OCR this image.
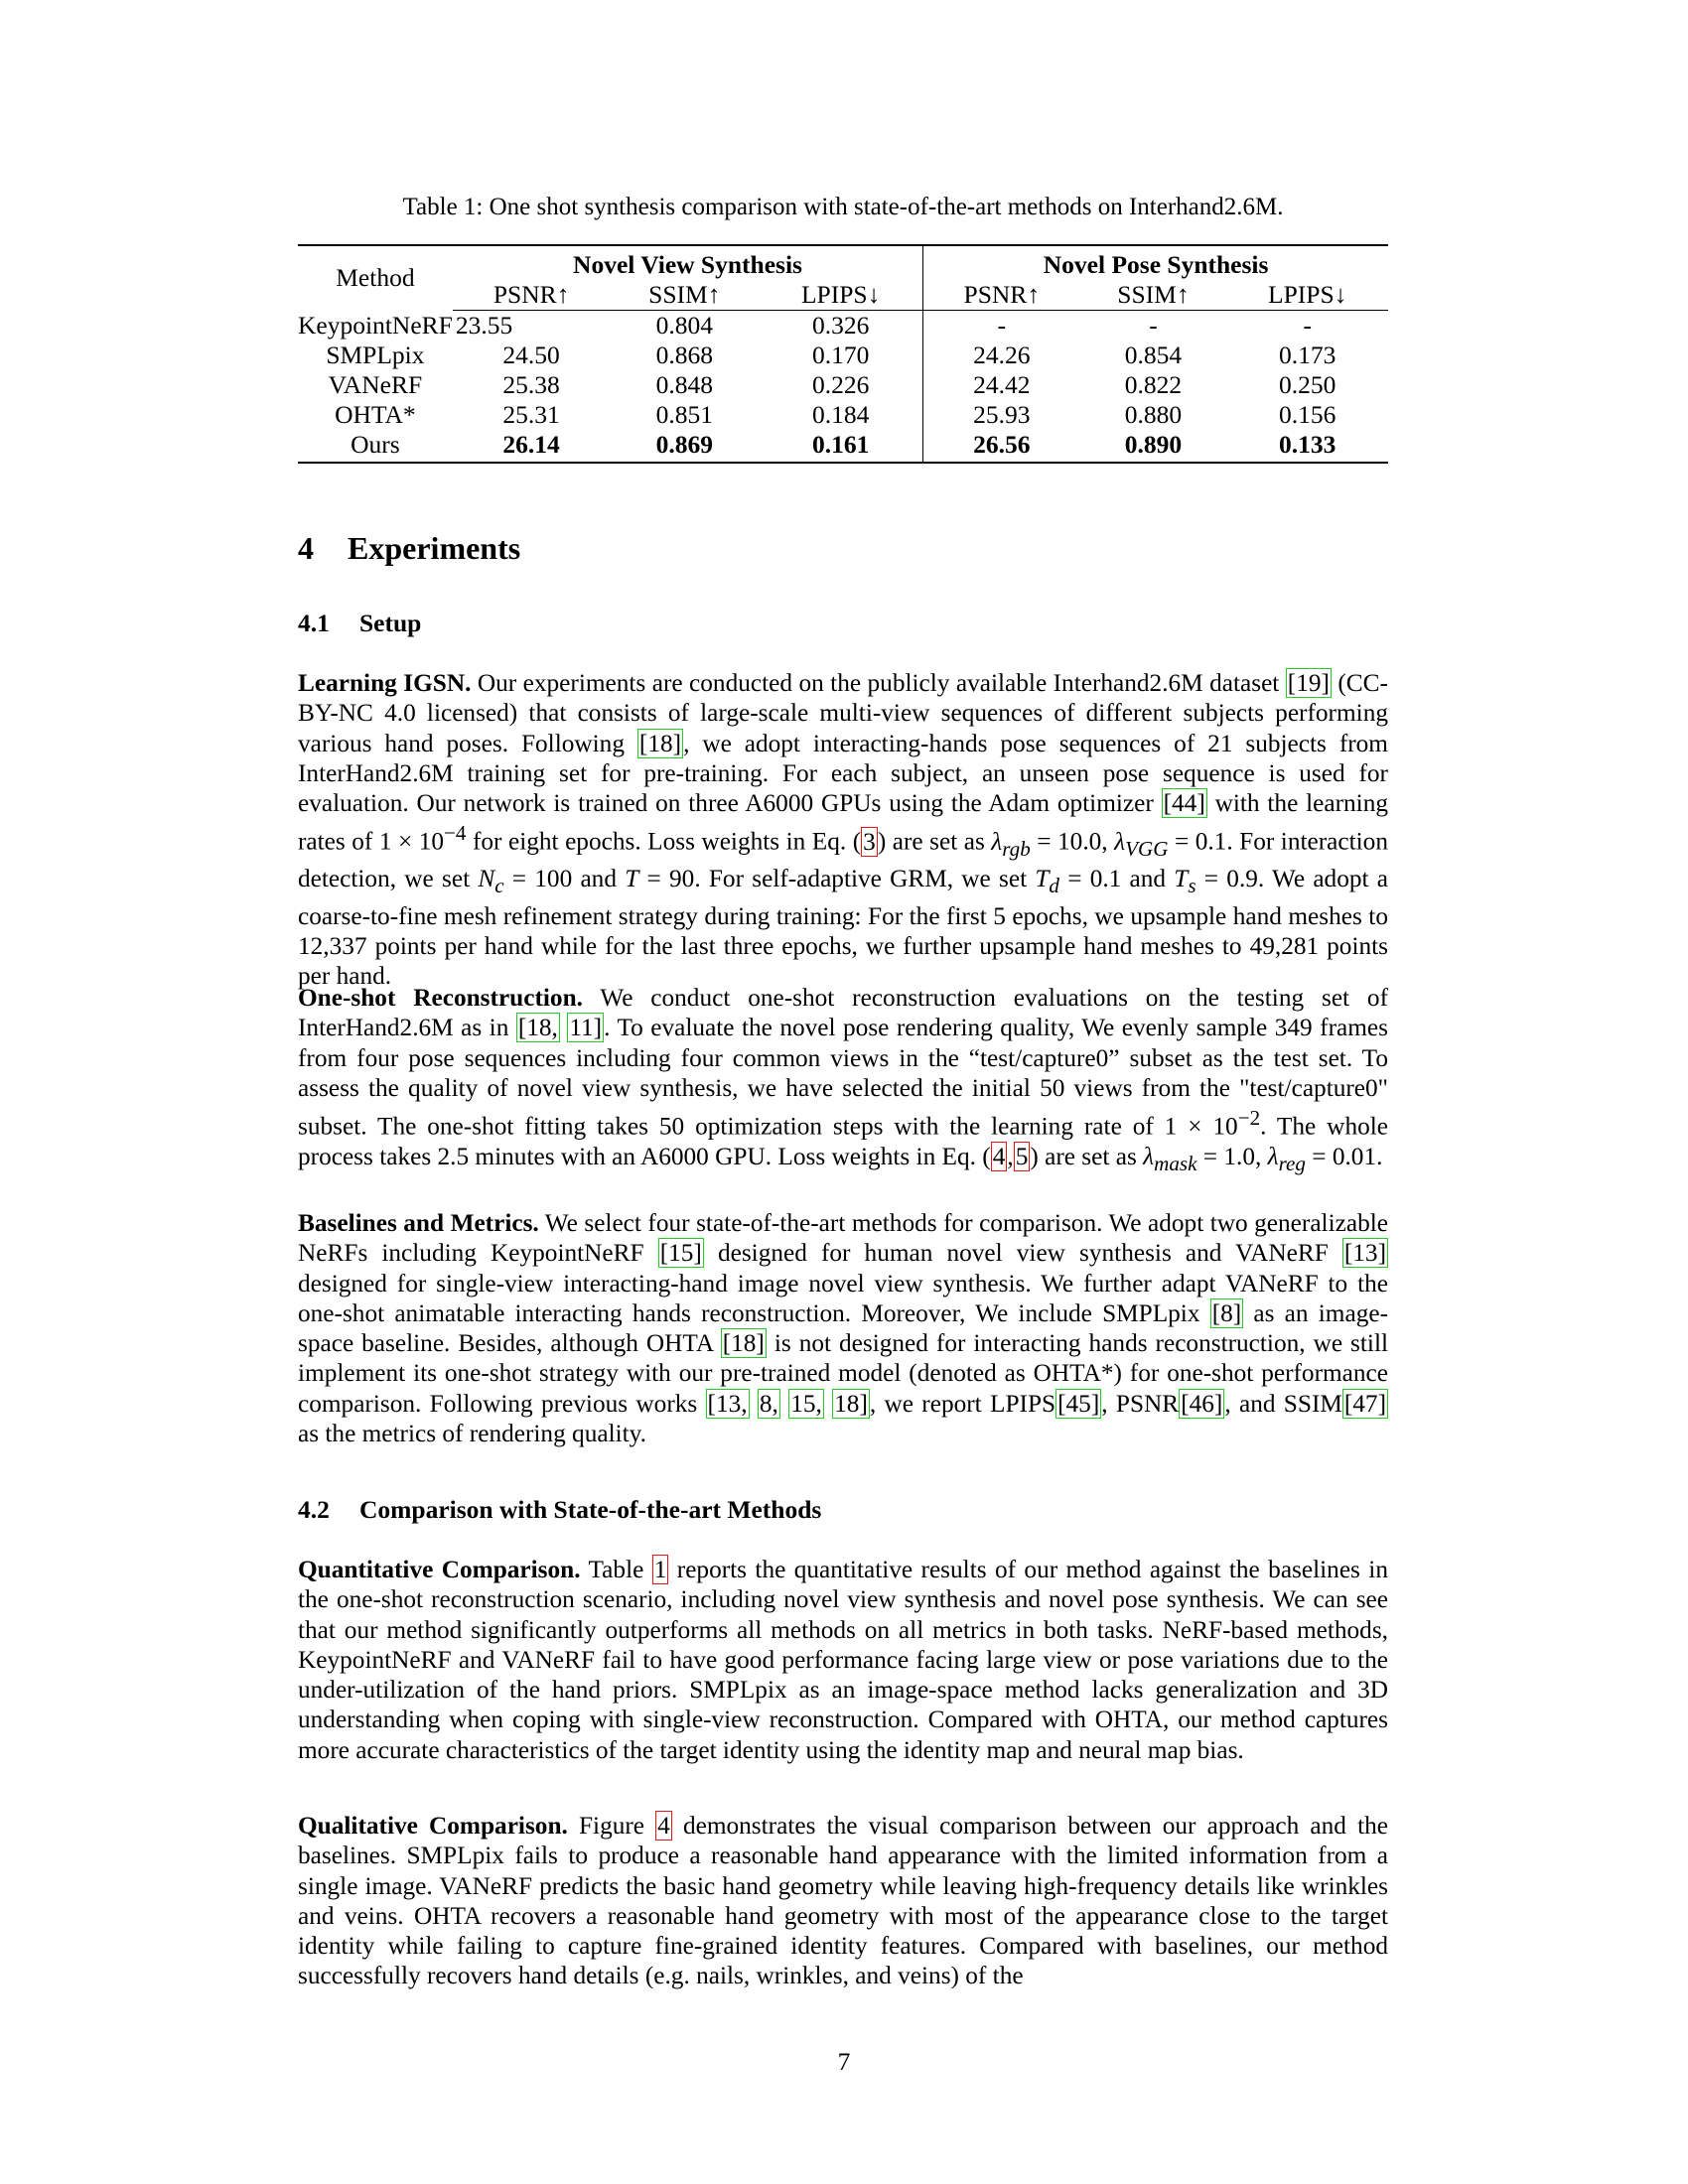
Table 1: One shot synthesis comparison with state-of-the-art methods on Interhand2.6M.
Method	Novel View Synthesis			Novel Pose Synthesis		
	PSNR↑	SSIM↑	LPIPS↓	PSNR↑	SSIM↑	LPIPS↓
KeypointNeRF	23.55	0.804	0.326	-	-	-
SMPLpix	24.50	0.868	0.170	24.26	0.854	0.173
VANeRF	25.38	0.848	0.226	24.42	0.822	0.250
OHTA*	25.31	0.851	0.184	25.93	0.880	0.156
Ours	26.14	0.869	0.161	26.56	0.890	0.133
4 Experiments
4.1 Setup

Learning IGSN. Our experiments are conducted on the publicly available Interhand2.6M dataset [19] (CC-BY-NC 4.0 licensed) that consists of large-scale multi-view sequences of different subjects performing various hand poses. Following [18], we adopt interacting-hands pose sequences of 21 subjects from InterHand2.6M training set for pre-training. For each subject, an unseen pose sequence is used for evaluation. Our network is trained on three A6000 GPUs using the Adam optimizer [44] with the learning rates of $1 \times 10^{-4}$ for eight epochs. Loss weights in Eq. (3) are set as $\lambda_{rgb} = 10.0$, $\lambda_{VGG} = 0.1$. For interaction detection, we set $N_c = 100$ and T = 90. For self-adaptive GRM, we set $T_d = 0.1$ and $T_s = 0.9$. We adopt a coarse-to-fine mesh refinement strategy during training: For the first 5 epochs, we upsample hand meshes to 12,337 points per hand while for the last three epochs, we further upsample hand meshes to 49,281 points per hand.

One-shot Reconstruction. We conduct one-shot reconstruction evaluations on the testing set of InterHand2.6M as in [18, 11]. To evaluate the novel pose rendering quality, We evenly sample 349 frames from four pose sequences including four common views in the “test/capture0” subset as the test set. To assess the quality of novel view synthesis, we have selected the initial 50 views from the "test/capture0" subset. The one-shot fitting takes 50 optimization steps with the learning rate of $1 \times 10^{-2}$. The whole process takes 2.5 minutes with an A6000 GPU. Loss weights in Eq. (4,5) are set as $\lambda_{mask} = 1.0$, $\lambda_{reg} = 0.01$.

Baselines and Metrics. We select four state-of-the-art methods for comparison. We adopt two generalizable NeRFs including KeypointNeRF [15] designed for human novel view synthesis and VANeRF [13] designed for single-view interacting-hand image novel view synthesis. We further adapt VANeRF to the one-shot animatable interacting hands reconstruction. Moreover, We include SMPLpix [8] as an image-space baseline. Besides, although OHTA [18] is not designed for interacting hands reconstruction, we still implement its one-shot strategy with our pre-trained model (denoted as OHTA*) for one-shot performance comparison. Following previous works [13, 8, 15, 18], we report LPIPS[45], PSNR[46], and SSIM[47] as the metrics of rendering quality.

4.2 Comparison with State-of-the-art Methods

Quantitative Comparison. Table 1 reports the quantitative results of our method against the baselines in the one-shot reconstruction scenario, including novel view synthesis and novel pose synthesis. We can see that our method significantly outperforms all methods on all metrics in both tasks. NeRF-based methods, KeypointNeRF and VANeRF fail to have good performance facing large view or pose variations due to the under-utilization of the hand priors. SMPLpix as an image-space method lacks generalization and 3D understanding when coping with single-view reconstruction. Compared with OHTA, our method captures more accurate characteristics of the target identity using the identity map and neural map bias.

Qualitative Comparison. Figure 4 demonstrates the visual comparison between our approach and the baselines. SMPLpix fails to produce a reasonable hand appearance with the limited information from a single image. VANeRF predicts the basic hand geometry while leaving high-frequency details like wrinkles and veins. OHTA recovers a reasonable hand geometry with most of the appearance close to the target identity while failing to capture fine-grained identity features. Compared with baselines, our method successfully recovers hand details (e.g. nails, wrinkles, and veins) of the

7
